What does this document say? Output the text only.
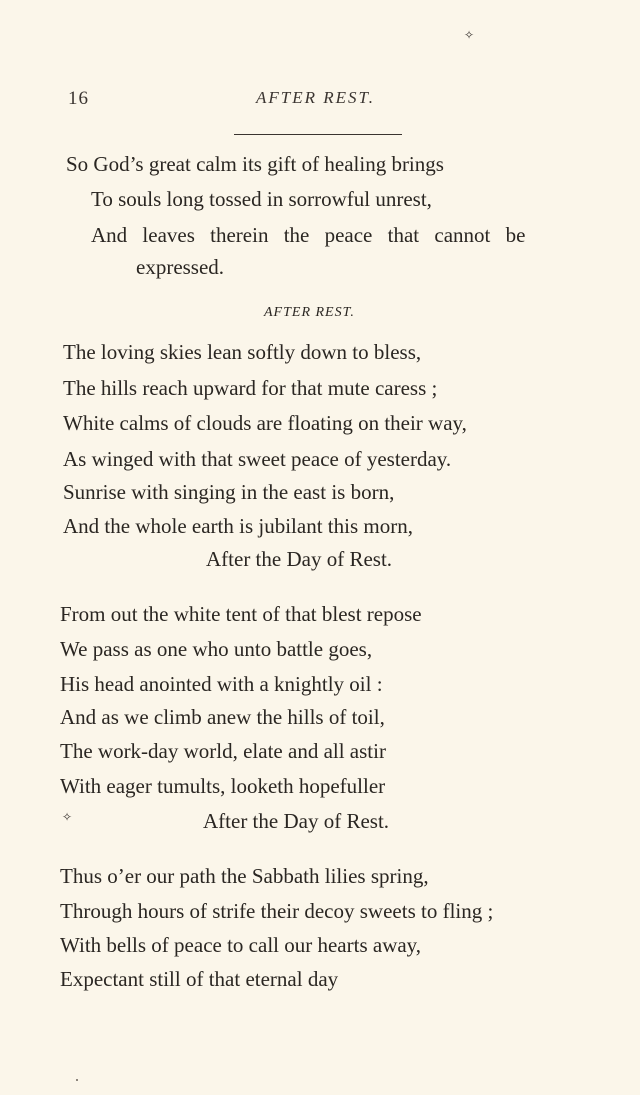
✧
16	AFTER REST.
So God’s great calm its gift of healing brings
To souls long tossed in sorrowful unrest,
And leaves therein the peace that cannot be
expressed.
AFTER REST.
The loving skies lean softly down to bless,
The hills reach upward for that mute caress ;
White calms of clouds are floating on their way,
As winged with that sweet peace of yesterday.
Sunrise with singing in the east is born,
And the whole earth is jubilant this morn,
After the Day of Rest.
From out the white tent of that blest repose
We pass as one who unto battle goes,
His head anointed with a knightly oil :
And as we climb anew the hills of toil,
The work-day world, elate and all astir
With eager tumults, looketh hopefuller
✧	After the Day of Rest.
Thus o’er our path the Sabbath lilies spring,
Through hours of strife their decoy sweets to fling ;
With bells of peace to call our hearts away,
Expectant still of that eternal day
